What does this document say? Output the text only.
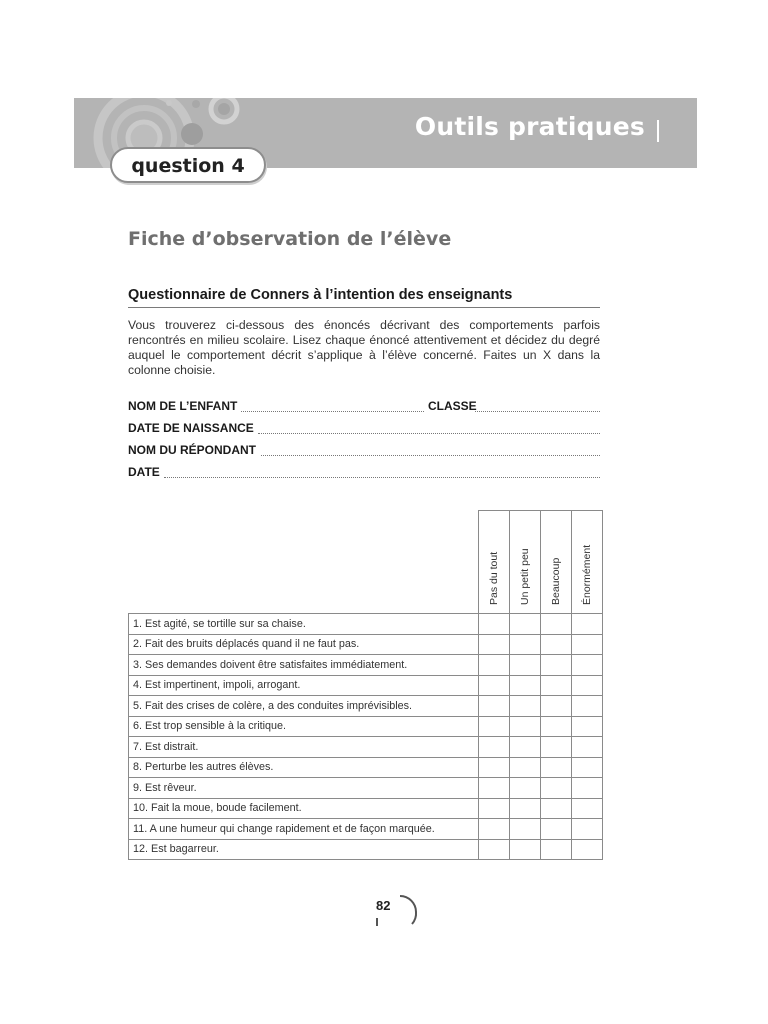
Outils pratiques
question 4
Fiche d’observation de l’élève
Questionnaire de Conners à l’intention des enseignants

Vous trouverez ci-dessous des énoncés décrivant des comportements parfois rencontrés en milieu scolaire. Lisez chaque énoncé attentivement et décidez du degré auquel le comportement décrit s’applique à l’élève concerné. Faites un X dans la colonne choisie.

NOM DE L’ENFANT	CLASSE
DATE DE NAISSANCE
NOM DU RÉPONDANT
DATE

	Pas du tout	Un petit peu	Beaucoup	Énormément

1. Est agité, se tortille sur sa chaise.				
2. Fait des bruits déplacés quand il ne faut pas.				
3. Ses demandes doivent être satisfaites immédiatement.				
4. Est impertinent, impoli, arrogant.				
5. Fait des crises de colère, a des conduites imprévisibles.				
6. Est trop sensible à la critique.				
7. Est distrait.				
8. Perturbe les autres élèves.				
9. Est rêveur.				
10. Fait la moue, boude facilement.				
11. A une humeur qui change rapidement et de façon marquée.				
12. Est bagarreur.				
82
